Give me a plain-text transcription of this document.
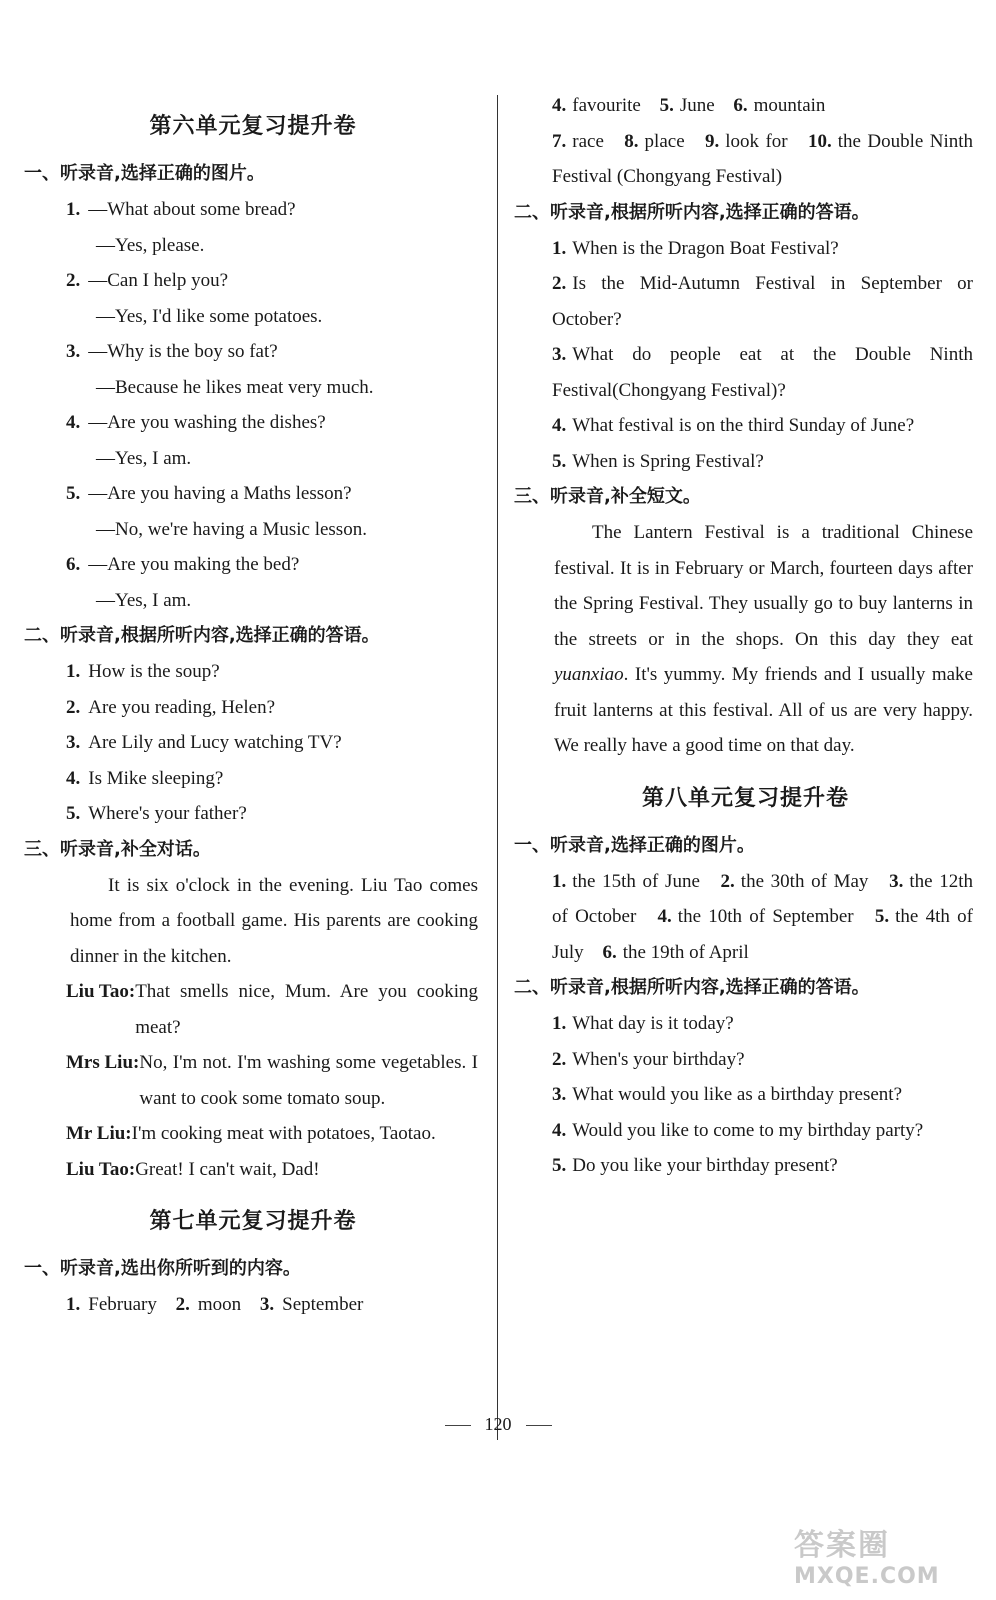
第六单元复习提升卷
一、听录音,选择正确的图片。
1. —What about some bread?
—Yes, please.
2. —Can I help you?
—Yes, I'd like some potatoes.
3. —Why is the boy so fat?
—Because he likes meat very much.
4. —Are you washing the dishes?
—Yes, I am.
5. —Are you having a Maths lesson?
—No, we're having a Music lesson.
6. —Are you making the bed?
—Yes, I am.
二、听录音,根据所听内容,选择正确的答语。
1. How is the soup?
2. Are you reading, Helen?
3. Are Lily and Lucy watching TV?
4. Is Mike sleeping?
5. Where's your father?
三、听录音,补全对话。

It is six o'clock in the evening. Liu Tao comes home from a football game. His parents are cooking dinner in the kitchen.

Liu Tao: That smells nice, Mum. Are you cooking meat?
Mrs Liu: No, I'm not. I'm washing some vegetables. I want to cook some tomato soup.
Mr Liu: I'm cooking meat with potatoes, Taotao.
Liu Tao: Great! I can't wait, Dad!
第七单元复习提升卷
一、听录音,选出你所听到的内容。
1. February 2. moon 3. September
4. favourite 5. June 6. mountain
7. race 8. place 9. look for 10. the Double Ninth Festival (Chongyang Festival)
二、听录音,根据所听内容,选择正确的答语。
1. When is the Dragon Boat Festival?
2. Is the Mid-Autumn Festival in September or October?
3. What do people eat at the Double Ninth Festival(Chongyang Festival)?
4. What festival is on the third Sunday of June?
5. When is Spring Festival?
三、听录音,补全短文。

The Lantern Festival is a traditional Chinese festival. It is in February or March, fourteen days after the Spring Festival. They usually go to buy lanterns in the streets or in the shops. On this day they eat yuanxiao. It's yummy. My friends and I usually make fruit lanterns at this festival. All of us are very happy. We really have a good time on that day.

第八单元复习提升卷
一、听录音,选择正确的图片。
1. the 15th of June 2. the 30th of May 3. the 12th of October 4. the 10th of September 5. the 4th of July 6. the 19th of April
二、听录音,根据所听内容,选择正确的答语。
1. What day is it today?
2. When's your birthday?
3. What would you like as a birthday present?
4. Would you like to come to my birthday party?
5. Do you like your birthday present?
120
答案圈
MXQE.COM
